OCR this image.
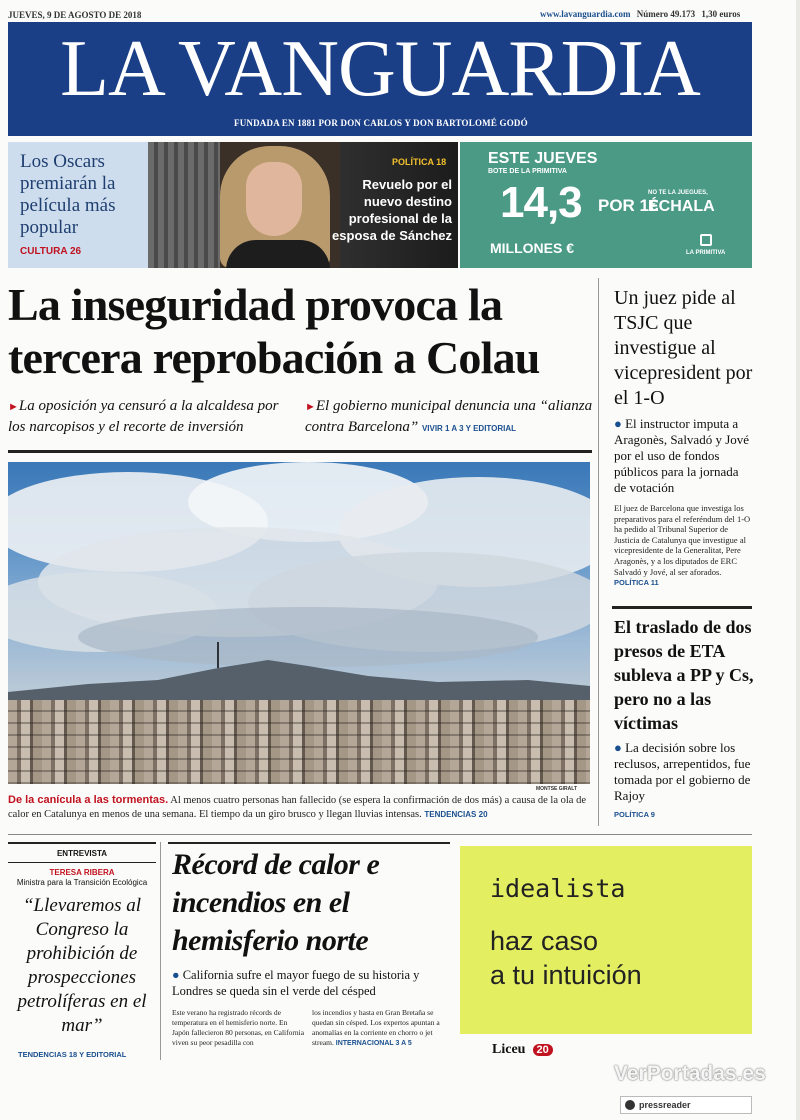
JUEVES, 9 DE AGOSTO DE 2018	www.lavanguardia.com Número 49.173 1,30 euros
LA VANGUARDIA
FUNDADA EN 1881 POR DON CARLOS Y DON BARTOLOMÉ GODÓ
Los Oscars premiarán la película más popular
CULTURA 26
POLÍTICA 18
Revuelo por el nuevo destino profesional de la esposa de Sánchez
ESTE JUEVES
BOTE DE LA PRIMITIVA
14,3
MILLONES €
POR 1€
NO TE LA JUEGUES,
ÉCHALA
LA PRIMITIVA
La inseguridad provoca la tercera reprobación a Colau
►La oposición ya censuró a la alcaldesa por los narcopisos y el recorte de inversión
►El gobierno municipal denuncia una “alianza contra Barcelona” VIVIR 1 A 3 Y EDITORIAL
MONTSE GIRALT
De la canícula a las tormentas. Al menos cuatro personas han fallecido (se espera la confirmación de dos más) a causa de la ola de calor en Catalunya en menos de una semana. El tiempo da un giro brusco y llegan lluvias intensas. TENDENCIAS 20
Un juez pide al TSJC que investigue al vicepresident por el 1-O
● El instructor imputa a Aragonès, Salvadó y Jové por el uso de fondos públicos para la jornada de votación
El juez de Barcelona que investiga los preparativos para el referéndum del 1-O ha pedido al Tribunal Superior de Justicia de Catalunya que investigue al vicepresidente de la Generalitat, Pere Aragonès, y a los diputados de ERC Salvadó y Jové, al ser aforados. POLÍTICA 11
El traslado de dos presos de ETA subleva a PP y Cs, pero no a las víctimas
● La decisión sobre los reclusos, arrepentidos, fue tomada por el gobierno de Rajoy
POLÍTICA 9
ENTREVISTA
TERESA RIBERA
Ministra para la Transición Ecológica
“Llevaremos al Congreso la prohibición de prospecciones petrolíferas en el mar”
TENDENCIAS 18 Y EDITORIAL
Récord de calor e incendios en el hemisferio norte
● California sufre el mayor fuego de su historia y Londres se queda sin el verde del césped
Este verano ha registrado récords de temperatura en el hemisferio norte. En Japón fallecieron 80 personas, en California viven su peor pesadilla con
los incendios y hasta en Gran Bretaña se quedan sin césped. Los expertos apuntan a anomalías en la corriente en chorro o jet stream. INTERNACIONAL 3 A 5
idealista
haz caso
a tu intuición
Liceu 20
VerPortadas.es
pressreader
